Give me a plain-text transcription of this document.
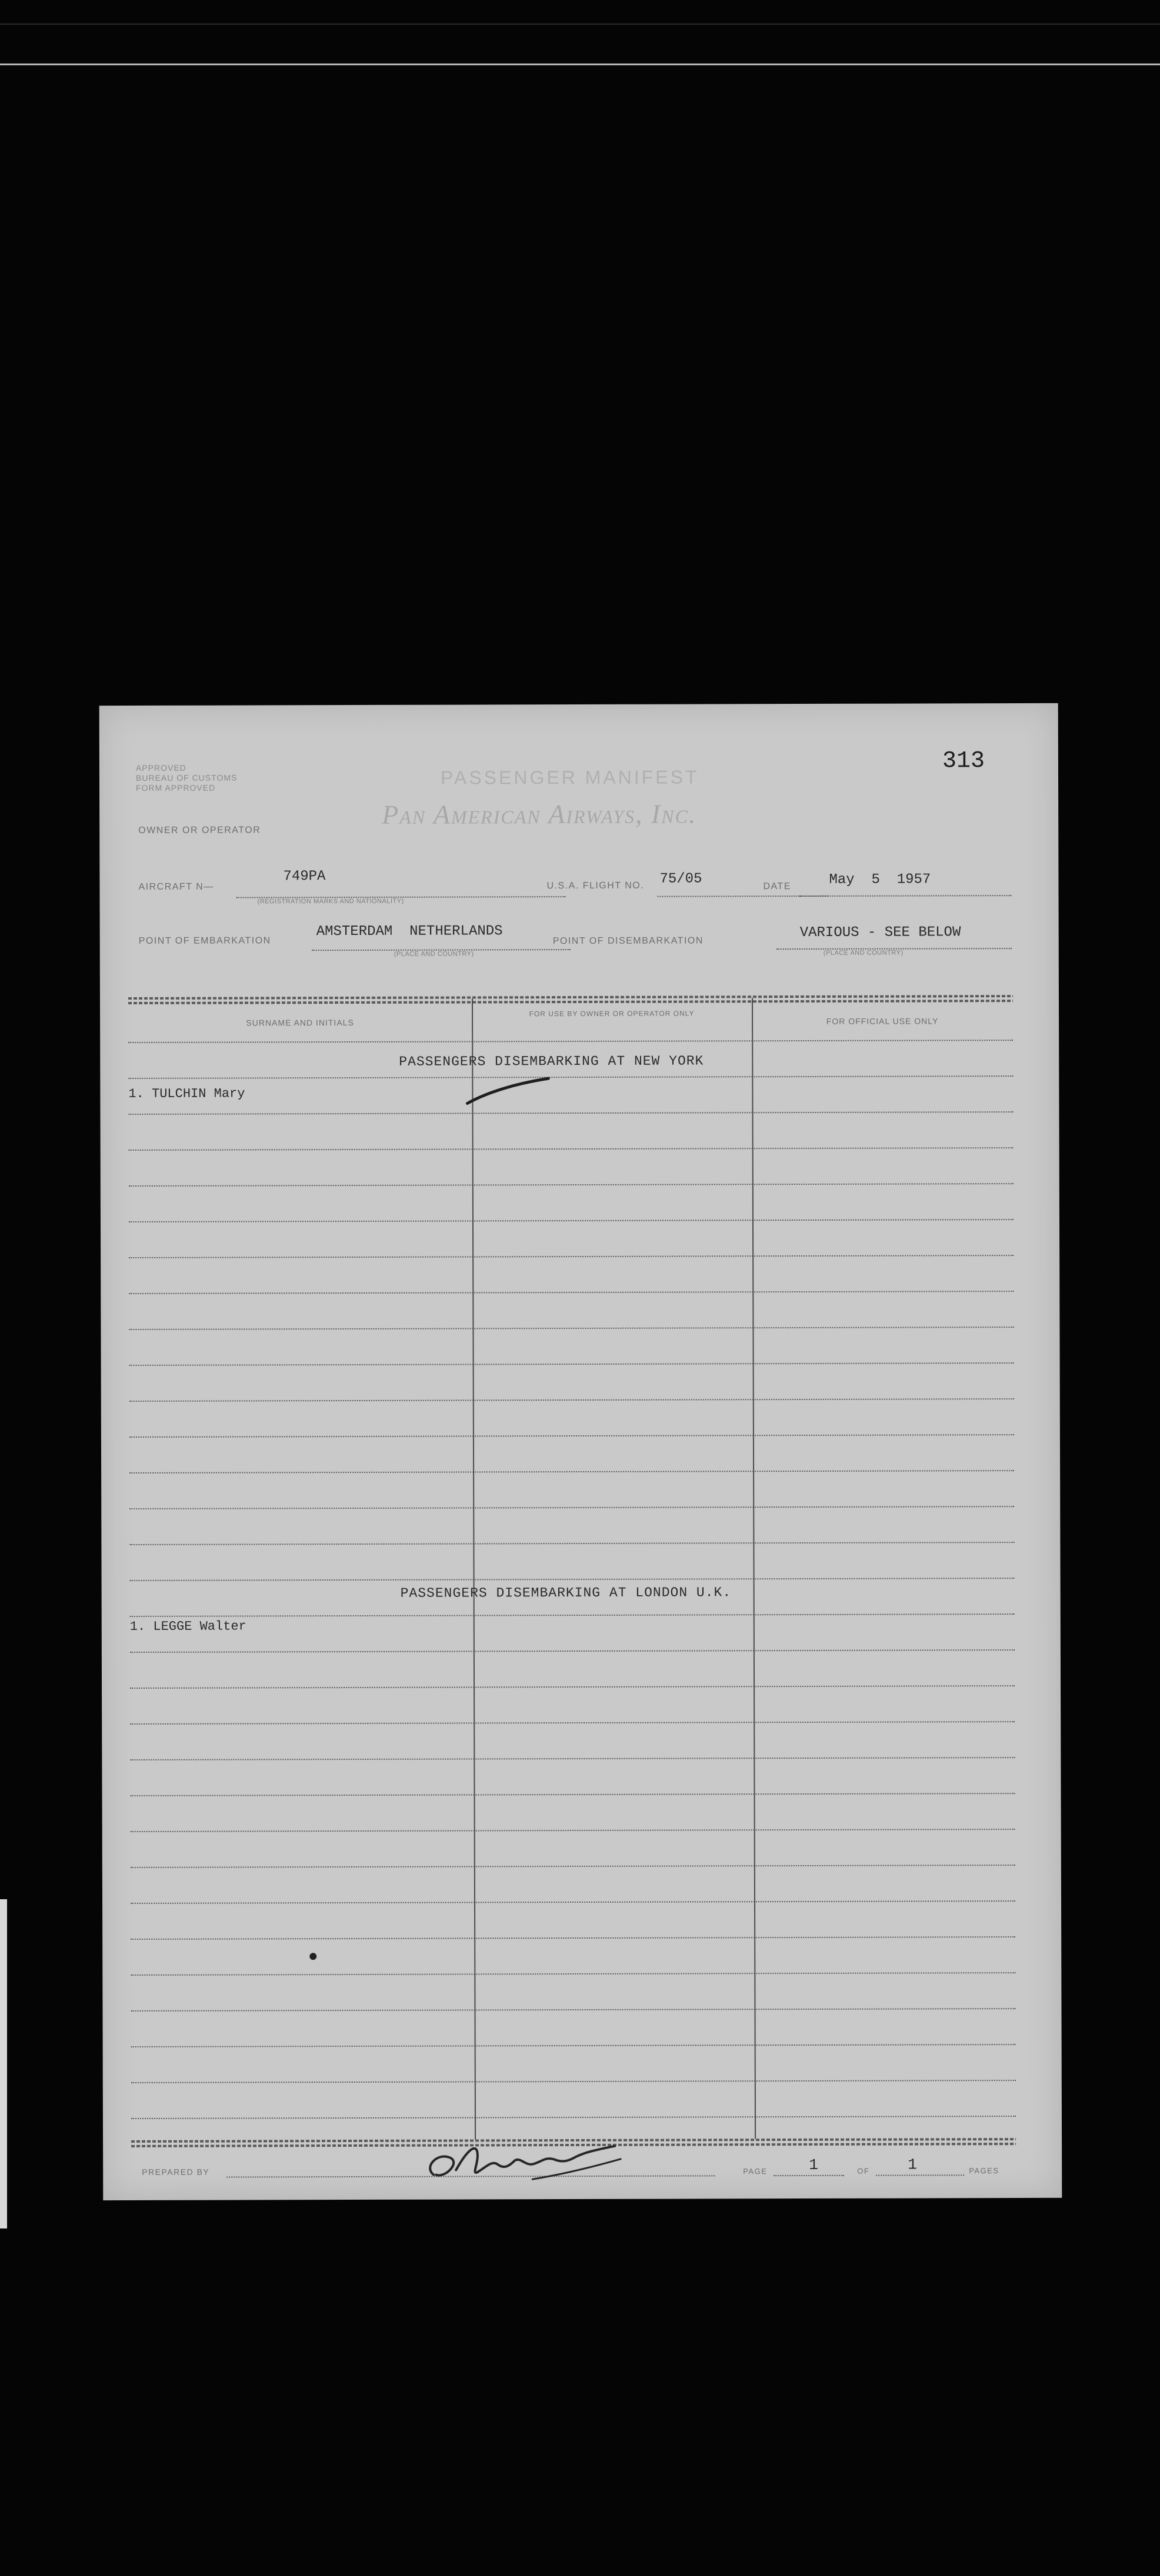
APPROVED
BUREAU OF CUSTOMS
FORM APPROVED	PASSENGER MANIFEST
Pan American Airways, Inc.
313
OWNER OR OPERATOR
AIRCRAFT N—
749PA
(REGISTRATION MARKS AND NATIONALITY)
U.S.A. FLIGHT NO. 75/05	DATE	May  5  1957
POINT OF EMBARKATION
AMSTERDAM  NETHERLANDS
(PLACE AND COUNTRY)
POINT OF DISEMBARKATION
VARIOUS - SEE BELOW
(PLACE AND COUNTRY)
SURNAME AND INITIALS
FOR USE BY OWNER OR OPERATOR ONLY
FOR OFFICIAL USE ONLY
PASSENGERS DISEMBARKING AT NEW YORK
1. TULCHIN Mary
PASSENGERS DISEMBARKING AT LONDON U.K.
1. LEGGE Walter
PREPARED BY	PAGE	1	OF 1	PAGES
